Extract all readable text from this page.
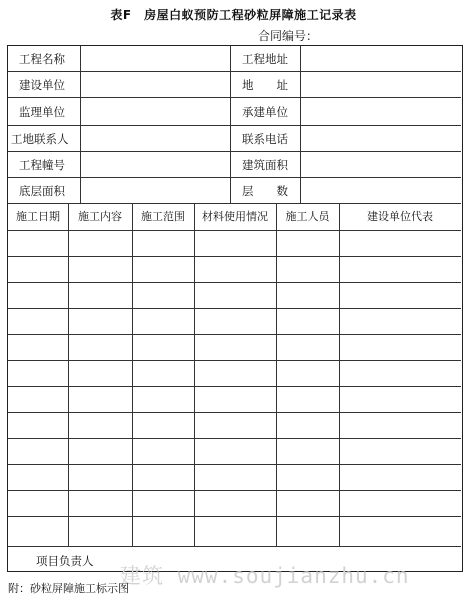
表F　房屋白蚁预防工程砂粒屏障施工记录表
合同编号：
工程名称	工程地址
建设单位	地　　址
监理单位	承建单位
工地联系人	联系电话
工程幢号	建筑面积
底层面积	层　　数
施工日期	施工内容	施工范围	材料使用情况	施工人员	建设单位代表
项目负责人
建筑 www.soujianzhu.cn
附：砂粒屏障施工标示图
